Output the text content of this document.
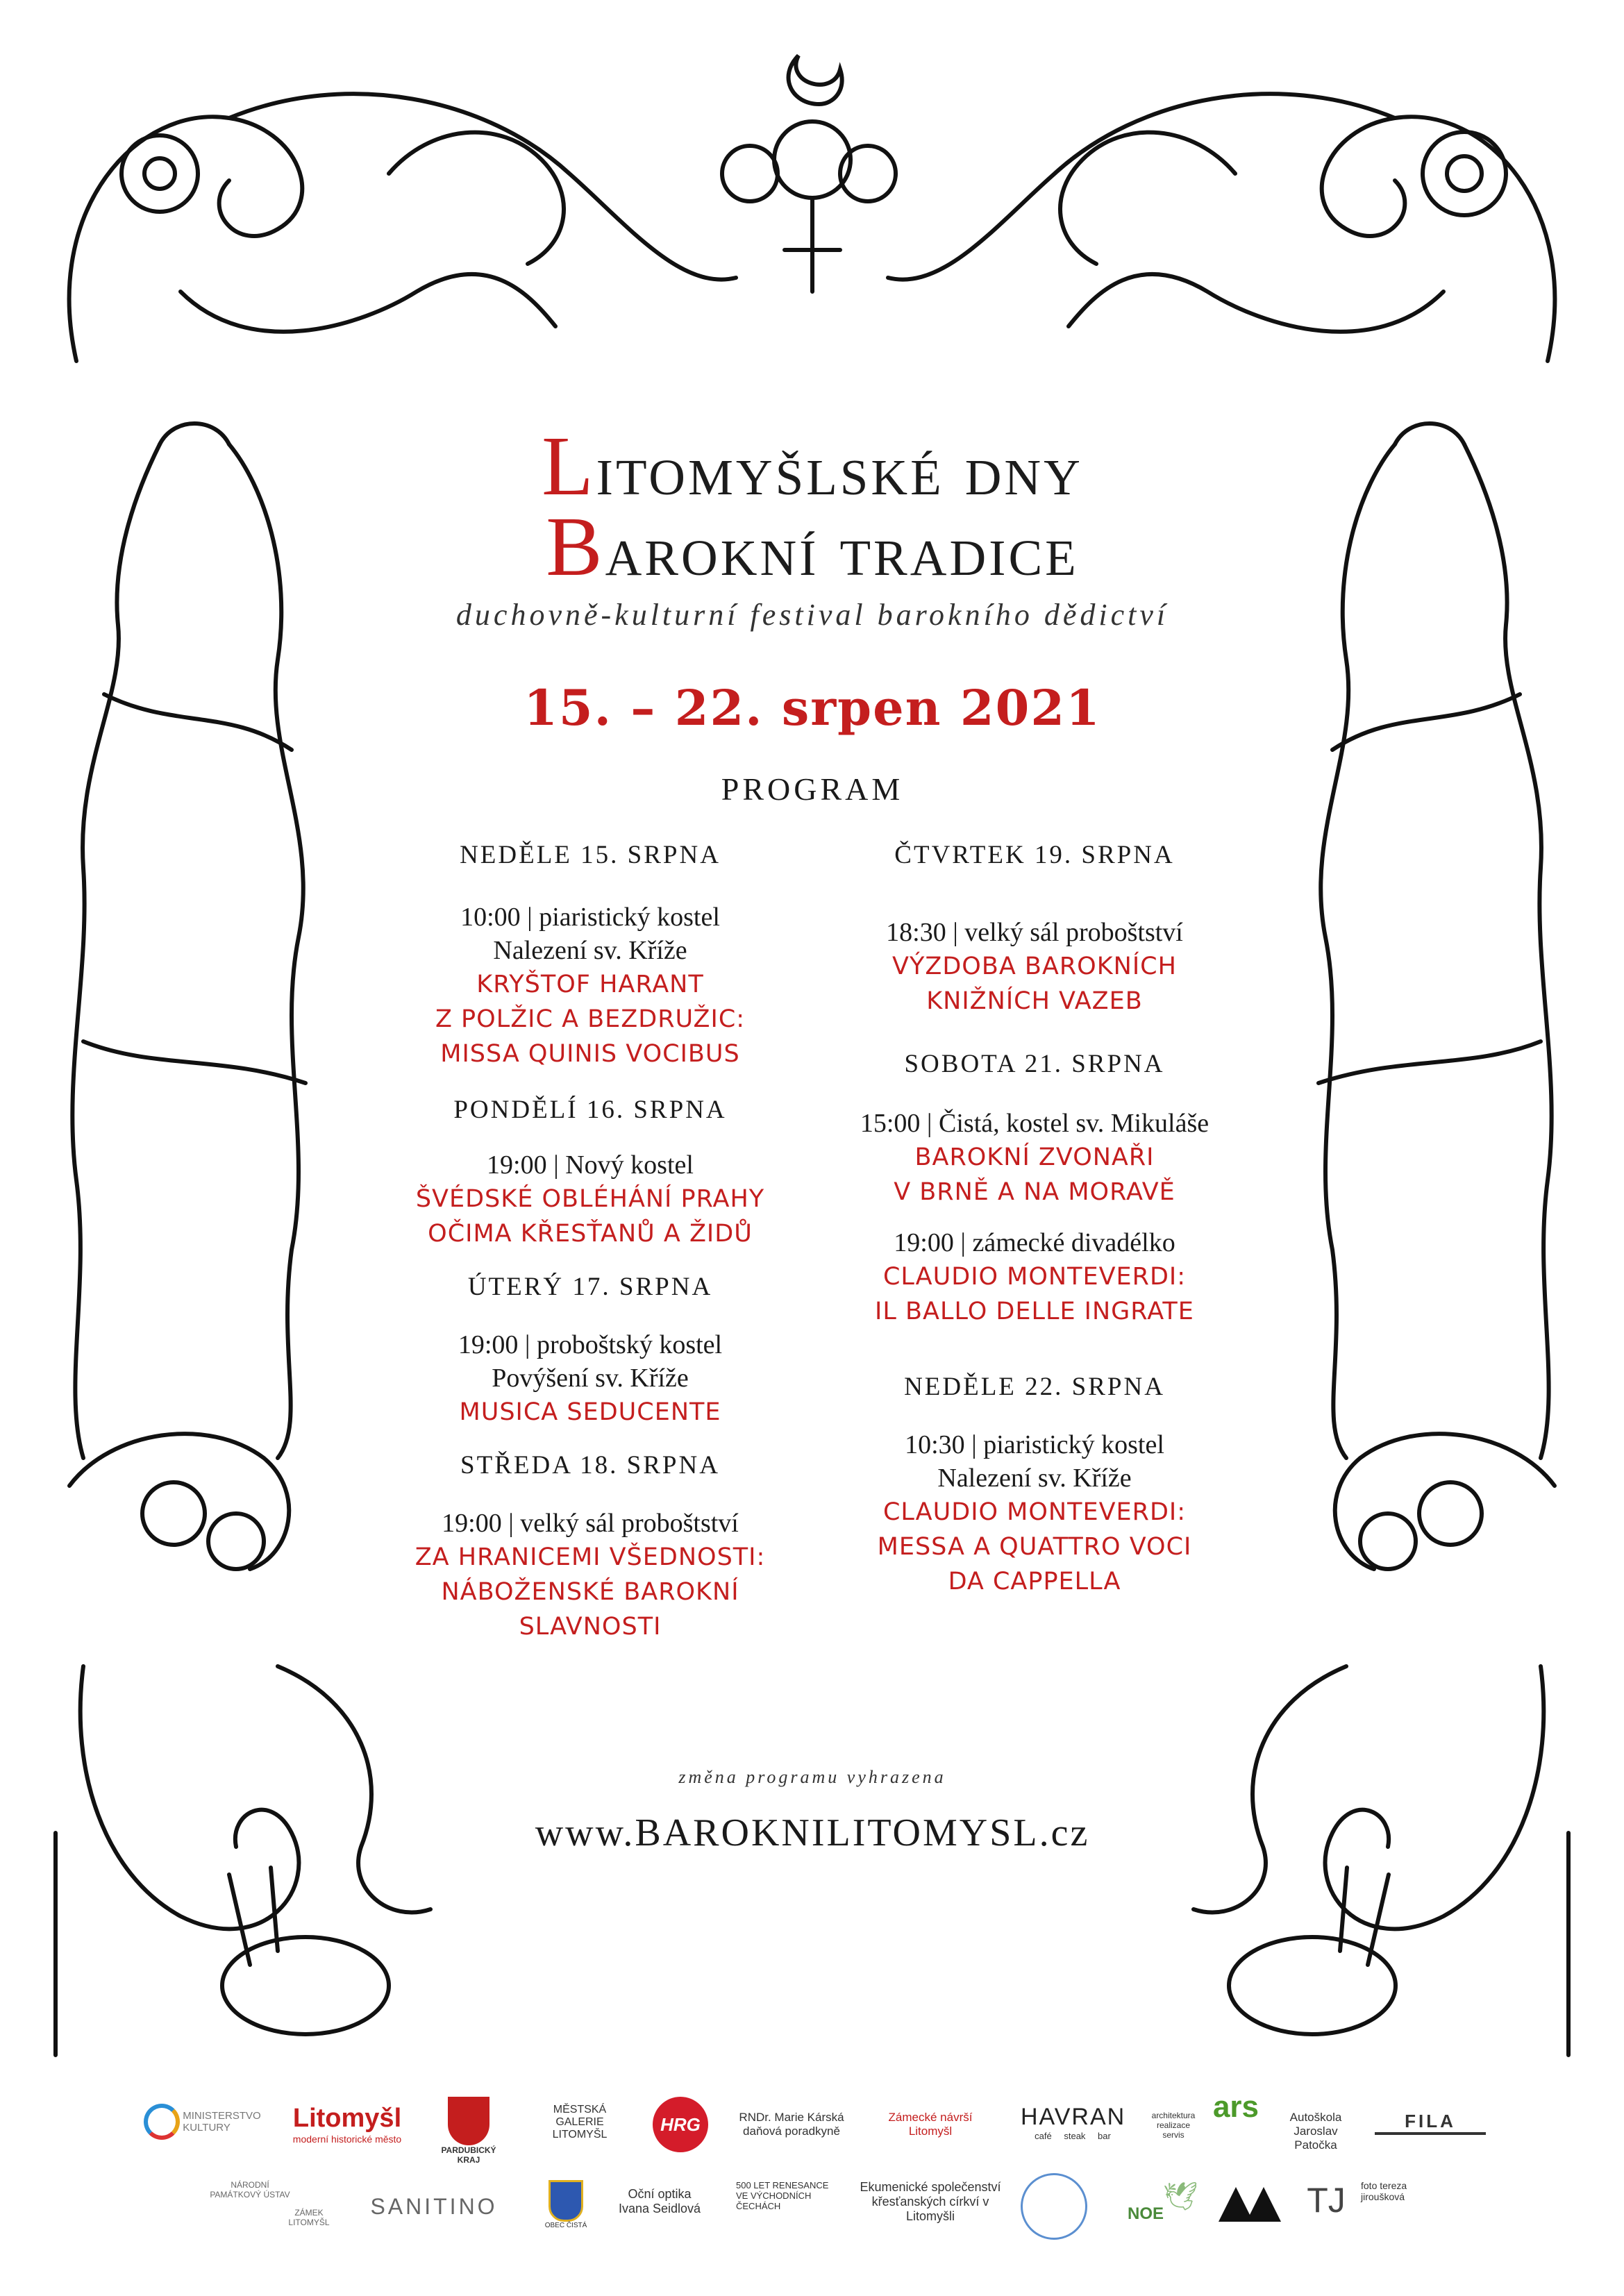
Litomyšlské dny
Barokní tradice
duchovně-kulturní festival barokního dědictví
15. – 22. srpen 2021
PROGRAM
NEDĚLE 15. SRPNA
10:00 | piaristický kostel
Nalezení sv. Kříže
KRYŠTOF HARANT
Z POLŽIC A BEZDRUŽIC:
MISSA QUINIS VOCIBUS
PONDĚLÍ 16. SRPNA
19:00 | Nový kostel
ŠVÉDSKÉ OBLÉHÁNÍ PRAHY
OČIMA KŘESŤANŮ A ŽIDŮ
ÚTERÝ 17. SRPNA
19:00 | proboštský kostel
Povýšení sv. Kříže
MUSICA SEDUCENTE
STŘEDA 18. SRPNA
19:00 | velký sál proboštství
ZA HRANICEMI VŠEDNOSTI:
NÁBOŽENSKÉ BAROKNÍ
SLAVNOSTI
ČTVRTEK 19. SRPNA
18:30 | velký sál proboštství
VÝZDOBA BAROKNÍCH
KNIŽNÍCH VAZEB
SOBOTA 21. SRPNA
15:00 | Čistá, kostel sv. Mikuláše
BAROKNÍ ZVONAŘI
V BRNĚ A NA MORAVĚ
19:00 | zámecké divadélko
CLAUDIO MONTEVERDI:
IL BALLO DELLE INGRATE
NEDĚLE 22. SRPNA
10:30 | piaristický kostel
Nalezení sv. Kříže
CLAUDIO MONTEVERDI:
MESSA A QUATTRO VOCI
DA CAPPELLA
změna programu vyhrazena
www.BAROKNILITOMYSL.cz
MINISTERSTVO KULTURY	Litomyšl
moderní historické město
PARDUBICKÝ KRAJ
MĚSTSKÁ GALERIE LITOMYŠL	HRG	RNDr. Marie Kárská daňová poradkyně
Zámecké návrší Litomyšl
HAVRAN
café steak bar
architektura realizace servis
ars	Autoškola Jaroslav Patočka
FILA
NÁRODNÍ PAMÁTKOVÝ ÚSTAV
ZÁMEK LITOMYŠL
SANITINO
OBEC ČISTÁ
Oční optika Ivana Seidlová
500 LET RENESANCE VE VÝCHODNÍCH ČECHÁCH
Ekumenické společenství křesťanských církví v Litomyšli	NOE
🕊	TJ	foto tereza jiroušková
